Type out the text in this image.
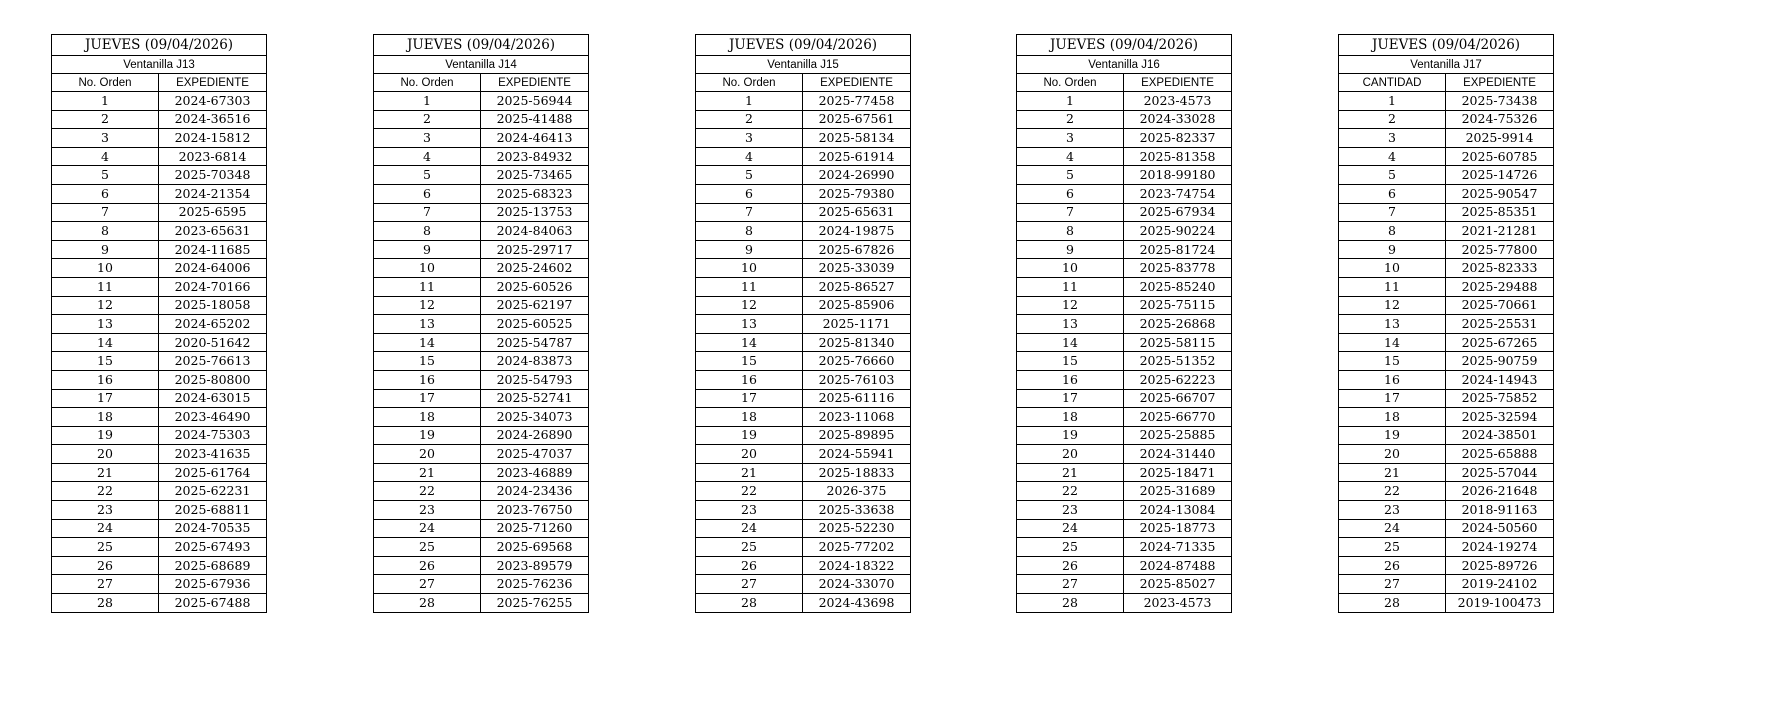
JUEVES (09/04/2026)	
Ventanilla J13	
No. Orden	EXPEDIENTE
1	2024-67303
2	2024-36516
3	2024-15812
4	2023-6814
5	2025-70348
6	2024-21354
7	2025-6595
8	2023-65631
9	2024-11685
10	2024-64006
11	2024-70166
12	2025-18058
13	2024-65202
14	2020-51642
15	2025-76613
16	2025-80800
17	2024-63015
18	2023-46490
19	2024-75303
20	2023-41635
21	2025-61764
22	2025-62231
23	2025-68811
24	2024-70535
25	2025-67493
26	2025-68689
27	2025-67936
28	2025-67488
JUEVES (09/04/2026)	
Ventanilla J14	
No. Orden	EXPEDIENTE
1	2025-56944
2	2025-41488
3	2024-46413
4	2023-84932
5	2025-73465
6	2025-68323
7	2025-13753
8	2024-84063
9	2025-29717
10	2025-24602
11	2025-60526
12	2025-62197
13	2025-60525
14	2025-54787
15	2024-83873
16	2025-54793
17	2025-52741
18	2025-34073
19	2024-26890
20	2025-47037
21	2023-46889
22	2024-23436
23	2023-76750
24	2025-71260
25	2025-69568
26	2023-89579
27	2025-76236
28	2025-76255
JUEVES (09/04/2026)	
Ventanilla J15	
No. Orden	EXPEDIENTE
1	2025-77458
2	2025-67561
3	2025-58134
4	2025-61914
5	2024-26990
6	2025-79380
7	2025-65631
8	2024-19875
9	2025-67826
10	2025-33039
11	2025-86527
12	2025-85906
13	2025-1171
14	2025-81340
15	2025-76660
16	2025-76103
17	2025-61116
18	2023-11068
19	2025-89895
20	2024-55941
21	2025-18833
22	2026-375
23	2025-33638
24	2025-52230
25	2025-77202
26	2024-18322
27	2024-33070
28	2024-43698
JUEVES (09/04/2026)	
Ventanilla J16	
No. Orden	EXPEDIENTE
1	2023-4573
2	2024-33028
3	2025-82337
4	2025-81358
5	2018-99180
6	2023-74754
7	2025-67934
8	2025-90224
9	2025-81724
10	2025-83778
11	2025-85240
12	2025-75115
13	2025-26868
14	2025-58115
15	2025-51352
16	2025-62223
17	2025-66707
18	2025-66770
19	2025-25885
20	2024-31440
21	2025-18471
22	2025-31689
23	2024-13084
24	2025-18773
25	2024-71335
26	2024-87488
27	2025-85027
28	2023-4573
JUEVES (09/04/2026)	
Ventanilla J17	
CANTIDAD	EXPEDIENTE
1	2025-73438
2	2024-75326
3	2025-9914
4	2025-60785
5	2025-14726
6	2025-90547
7	2025-85351
8	2021-21281
9	2025-77800
10	2025-82333
11	2025-29488
12	2025-70661
13	2025-25531
14	2025-67265
15	2025-90759
16	2024-14943
17	2025-75852
18	2025-32594
19	2024-38501
20	2025-65888
21	2025-57044
22	2026-21648
23	2018-91163
24	2024-50560
25	2024-19274
26	2025-89726
27	2019-24102
28	2019-100473
